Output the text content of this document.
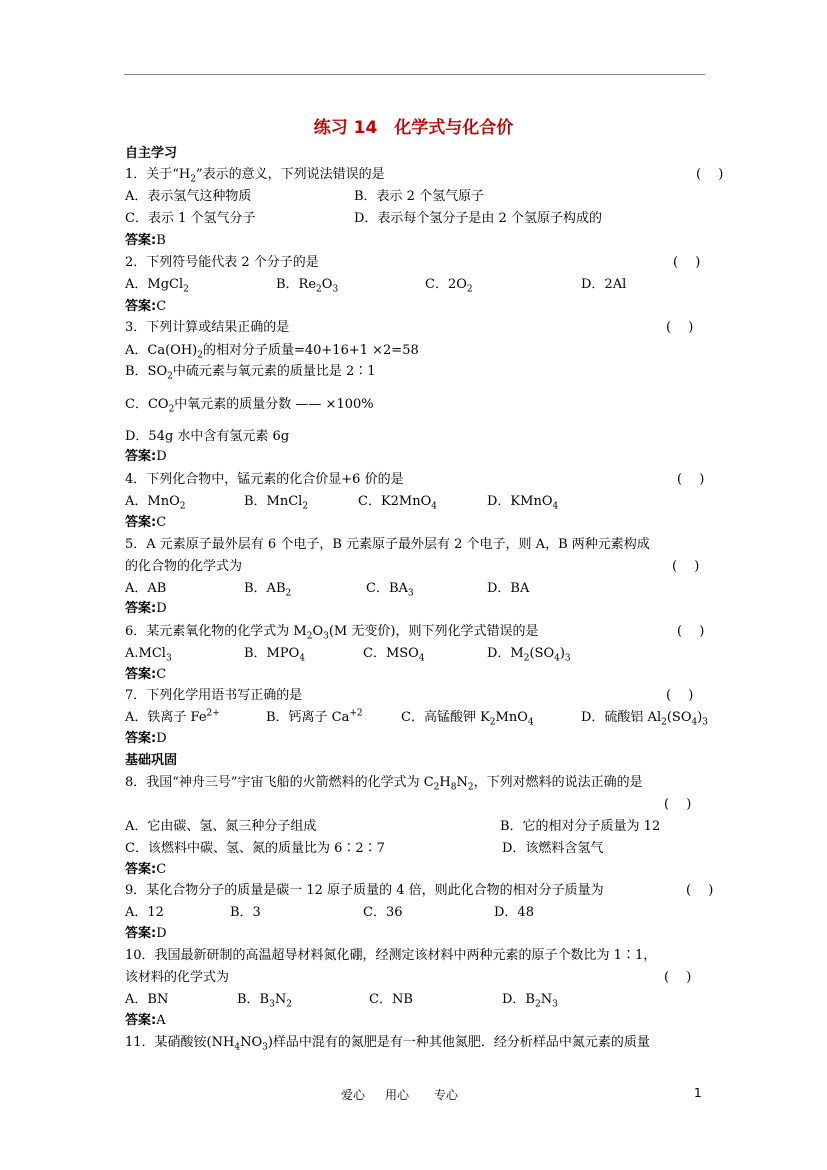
练习 14　化学式与化合价
自主学习
1．关于“$H_2$”表示的意义，下列说法错误的是	(　 )
A．表示氢气这种物质	B．表示 2 个氢气原子
C．表示 1 个氢气分子	D．表示每个氢分子是由 2 个氢原子构成的
答案:B
2．下列符号能代表 2 个分子的是	(　 )
A．MgCl$_2$	B．$Re_2O_3$	C．$2O_2$	D．2Al
答案:C
3．下列计算或结果正确的是	(　 )
A．$Ca(OH)_2$的相对分子质量=40+16+1 ×2=58
B．$SO_2$中硫元素与氧元素的质量比是 2∶1
C．$CO_2$中氧元素的质量分数 —— ×100%
D．54g 水中含有氢元素 6g
答案:D
4．下列化合物中，锰元素的化合价显+6 价的是	(　 )
A．MnO$_2$	B．MnCl$_2$	C．K2MnO$_4$	D．KMnO$_4$
答案:C
5．A 元素原子最外层有 6 个电子，B 元素原子最外层有 2 个电子，则 A，B 两种元素构成
的化合物的化学式为	(　 )
A．AB	B．$AB_2$	C．$BA_3$	D．BA
答案:D
6．某元素氧化物的化学式为 $M_2O_3(M$ 无变价)，则下列化学式错误的是	(　 )
A.MCl$_3$	B．$MPO_4$	C．$MSO_4$	D．$M_2(SO_4)_3$
答案:C
7．下列化学用语书写正确的是	(　 )
A．铁离子 $Fe^{2+}$	B．钙离子 $Ca^{+2}$	C．高锰酸钾 $K_2MnO_4$	D．硫酸铝 $Al_2(SO_4)_3$
答案:D
基础巩固
8．我国“神舟三号”宇宙飞船的火箭燃料的化学式为 $C_2H_8N_2$，下列对燃料的说法正确的是
(　 )
A．它由碳、氢、氮三种分子组成	B．它的相对分子质量为 12
C．该燃料中碳、氢、氮的质量比为 6∶2∶7	D．该燃料含氢气
答案:C
9．某化合物分子的质量是碳一 12 原子质量的 4 倍，则此化合物的相对分子质量为	(　 )
A．12	B．3	C．36	D．48
答案:D
10．我国最新研制的高温超导材料氮化硼，经测定该材料中两种元素的原子个数比为 1∶1，
该材料的化学式为	(　 )
A．BN	B．$B_3N_2$	C．NB	D．$B_2N_3$
答案:A
11．某硝酸铵$(NH_4NO_3)$样品中混有的氮肥是有一种其他氮肥．经分析样品中氮元素的质量
爱心 用心 专心	1
